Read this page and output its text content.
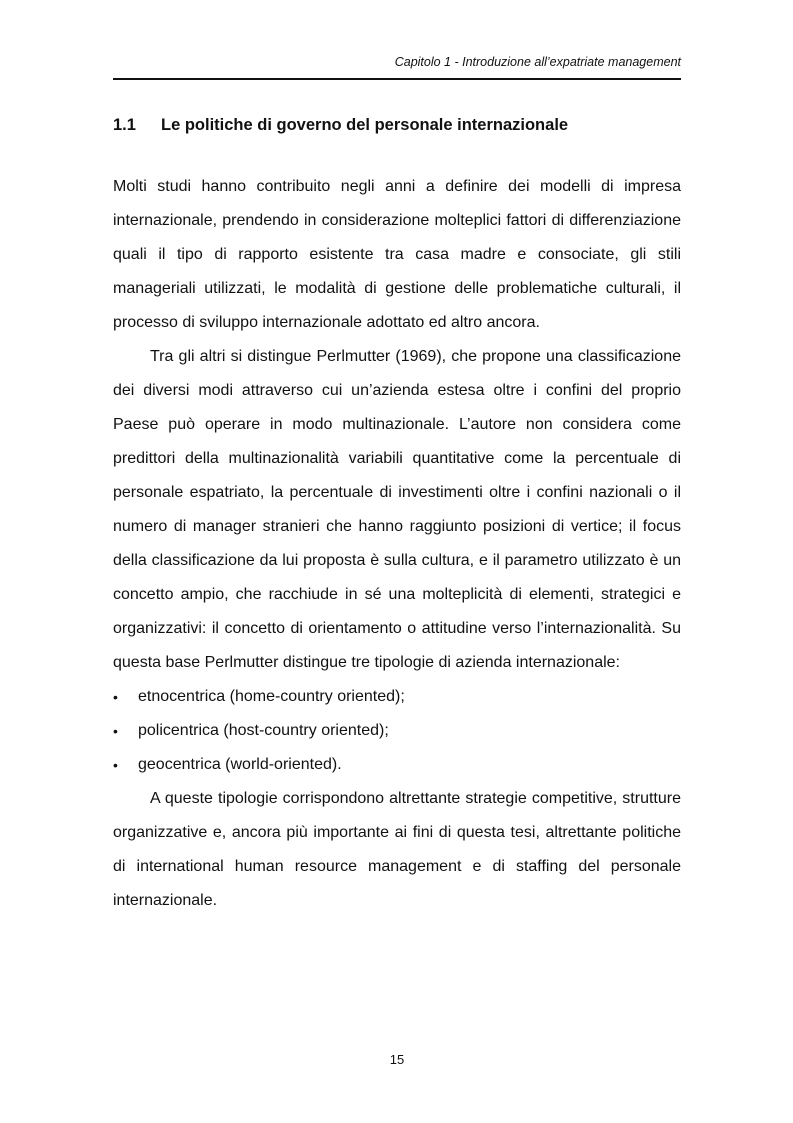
Capitolo 1 - Introduzione all’expatriate management
1.1 Le politiche di governo del personale internazionale

Molti studi hanno contribuito negli anni a definire dei modelli di impresa internazionale, prendendo in considerazione molteplici fattori di differenziazione quali il tipo di rapporto esistente tra casa madre e consociate, gli stili manageriali utilizzati, le modalità di gestione delle problematiche culturali, il processo di sviluppo internazionale adottato ed altro ancora.

Tra gli altri si distingue Perlmutter (1969), che propone una classificazione dei diversi modi attraverso cui un’azienda estesa oltre i confini del proprio Paese può operare in modo multinazionale. L’autore non considera come predittori della multinazionalità variabili quantitative come la percentuale di personale espatriato, la percentuale di investimenti oltre i confini nazionali o il numero di manager stranieri che hanno raggiunto posizioni di vertice; il focus della classificazione da lui proposta è sulla cultura, e il parametro utilizzato è un concetto ampio, che racchiude in sé una molteplicità di elementi, strategici e organizzativi: il concetto di orientamento o attitudine verso l’internazionalità. Su questa base Perlmutter distingue tre tipologie di azienda internazionale:

• etnocentrica (home-country oriented);
• policentrica (host-country oriented);
• geocentrica (world-oriented).

A queste tipologie corrispondono altrettante strategie competitive, strutture organizzative e, ancora più importante ai fini di questa tesi, altrettante politiche di international human resource management e di staffing del personale internazionale.

15
